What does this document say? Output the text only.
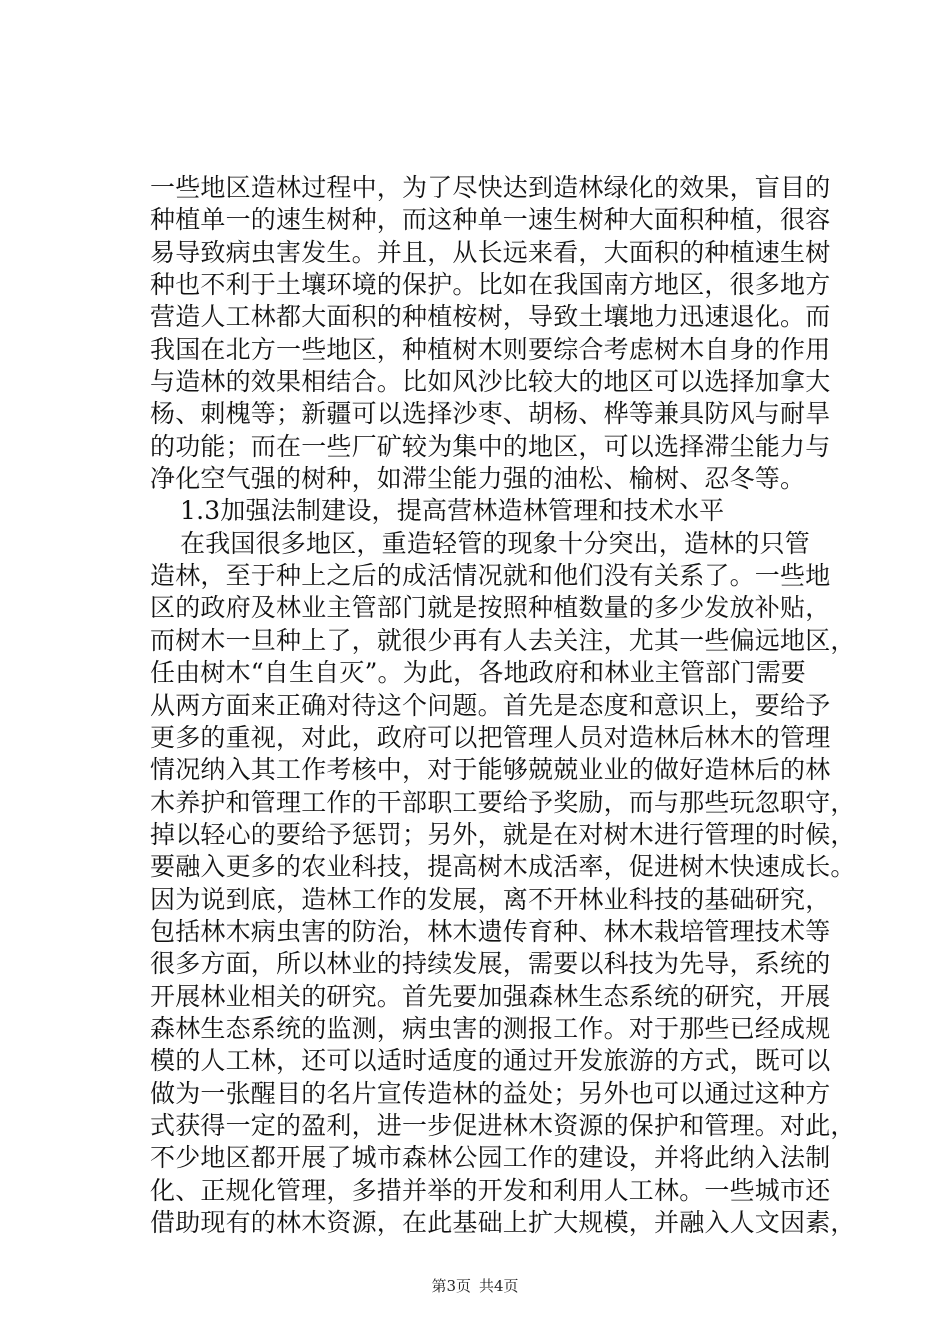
一些地区造林过程中，为了尽快达到造林绿化的效果，盲目的
种植单一的速生树种，而这种单一速生树种大面积种植，很容
易导致病虫害发生。并且，从长远来看，大面积的种植速生树
种也不利于土壤环境的保护。比如在我国南方地区，很多地方
营造人工林都大面积的种植桉树，导致土壤地力迅速退化。而
我国在北方一些地区，种植树木则要综合考虑树木自身的作用
与造林的效果相结合。比如风沙比较大的地区可以选择加拿大
杨、刺槐等；新疆可以选择沙枣、胡杨、桦等兼具防风与耐旱
的功能；而在一些厂矿较为集中的地区，可以选择滞尘能力与
净化空气强的树种，如滞尘能力强的油松、榆树、忍冬等。
1.3加强法制建设，提高营林造林管理和技术水平
在我国很多地区，重造轻管的现象十分突出，造林的只管
造林，至于种上之后的成活情况就和他们没有关系了。一些地
区的政府及林业主管部门就是按照种植数量的多少发放补贴，
而树木一旦种上了，就很少再有人去关注，尤其一些偏远地区，
任由树木“自生自灭”。为此，各地政府和林业主管部门需要
从两方面来正确对待这个问题。首先是态度和意识上，要给予
更多的重视，对此，政府可以把管理人员对造林后林木的管理
情况纳入其工作考核中，对于能够兢兢业业的做好造林后的林
木养护和管理工作的干部职工要给予奖励，而与那些玩忽职守，
掉以轻心的要给予惩罚；另外，就是在对树木进行管理的时候，
要融入更多的农业科技，提高树木成活率，促进树木快速成长。
因为说到底，造林工作的发展，离不开林业科技的基础研究，
包括林木病虫害的防治，林木遗传育种、林木栽培管理技术等
很多方面，所以林业的持续发展，需要以科技为先导，系统的
开展林业相关的研究。首先要加强森林生态系统的研究，开展
森林生态系统的监测，病虫害的测报工作。对于那些已经成规
模的人工林，还可以适时适度的通过开发旅游的方式，既可以
做为一张醒目的名片宣传造林的益处；另外也可以通过这种方
式获得一定的盈利，进一步促进林木资源的保护和管理。对此，
不少地区都开展了城市森林公园工作的建设，并将此纳入法制
化、正规化管理，多措并举的开发和利用人工林。一些城市还
借助现有的林木资源，在此基础上扩大规模，并融入人文因素，
第3页 共4页
